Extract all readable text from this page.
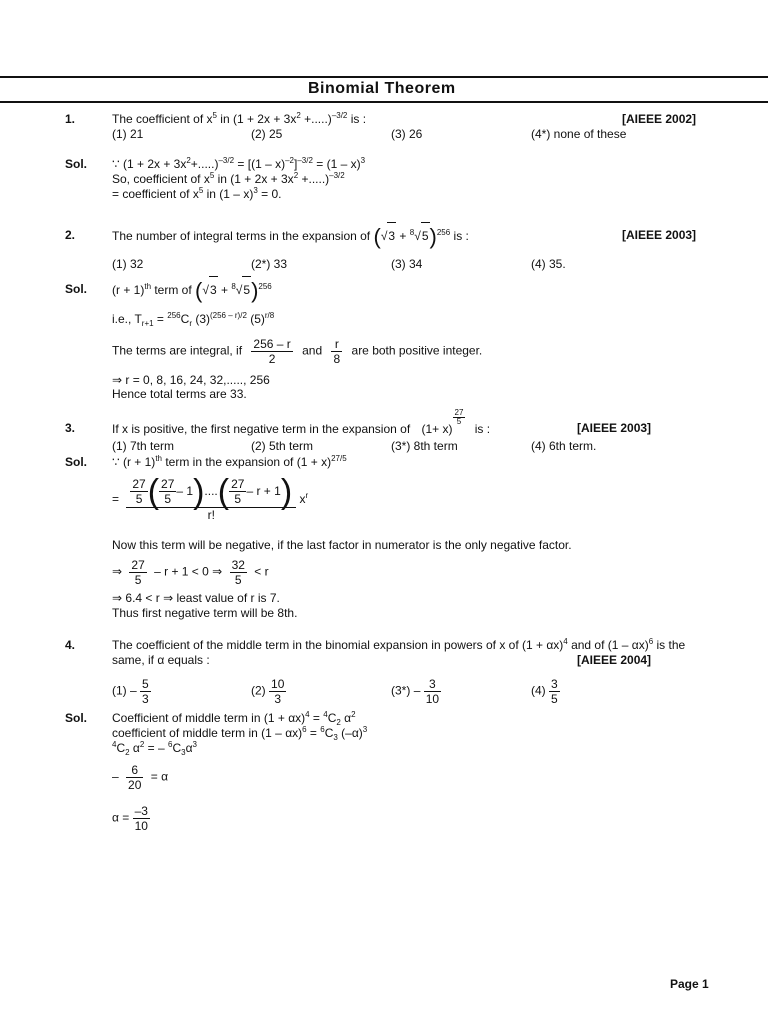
Binomial Theorem
1.	The coefficient of $x^5$ in $(1 + 2x + 3x^2 +.....)^{-3/2}$ is :	[AIEEE 2002]
(1) 21	(2) 25	(3) 26	(4*) none of these
Sol. ∵ $(1 + 2x + 3x^2+.....)^{-3/2} = [(1 - x)^{-2}]^{-3/2} = (1 - x)^3$
So, coefficient of $x^5$ in $(1 + 2x + 3x^2 +.....)^{-3/2}$
= coefficient of $x^5$ in (1 – x)$^3$ = 0.
2.	The number of integral terms in the expansion of $(√3 + ^8√5)^{256}$ is :	[AIEEE 2003]
(1) 32	(2*) 33	(3) 34	(4) 35.
Sol. $(r + 1)^{th}$ term of $(√3 + ^8√5)^{256}$
i.e., $T_{r+1} = ^{256}C_r$ $(3)^{(256 - r)/2}$ $(5)^{r/8}$
The terms are integral, if $\frac{256 - r}{2}$ and $\frac{r}{8}$ are both positive integer.
⇒ r = 0, 8, 16, 24, 32,....., 256
Hence total terms are 33.
3.	If x is positive, the first negative term in the expansion of (1+ x)
$\frac{27}{5}$
is :	[AIEEE 2003]
(1) 7th term	(2) 5th term	(3*) 8th term	(4) 6th term.
Sol. ∵ $(r + 1)^{th}$ term in the expansion of $(1 + x)^{27/5}$
= $\frac{\frac{27}{5} ( \frac{27}{5} - 1)....( \frac{27}{5} - r + 1)}{r!} x^r$
Now this term will be negative, if the last factor in numerator is the only negative factor.
⇒ $\frac{27}{5} - r + 1 < 0$ ⇒ $\frac{32}{5} < r$
⇒ 6.4 < r ⇒ least value of r is 7.
Thus first negative term will be 8th.
4.	The coefficient of the middle term in the binomial expansion in powers of x of $(1 + \alpha x)^4$ and of (1 – αx)$^6$ is the
same, if α equals :	[AIEEE 2004]
$(1) - \frac{5}{3}$	$(2) \frac{10}{3}$	$(3*) - \frac{3}{10}$	$(4) \frac{3}{5}$
Sol. Coefficient of middle term in $(1 + \alpha x)^4 = ^4C_2$ $\alpha^2$
coefficient of middle term in $(1 - \alpha x)^6 = ^6C_3$ $(-\alpha)^3$
$^4C_2$ $\alpha^2$ = – $^6C_3\alpha^3$
– $\frac{6}{20} = \alpha$
$\alpha = \frac{-3}{10}$
Page 1
